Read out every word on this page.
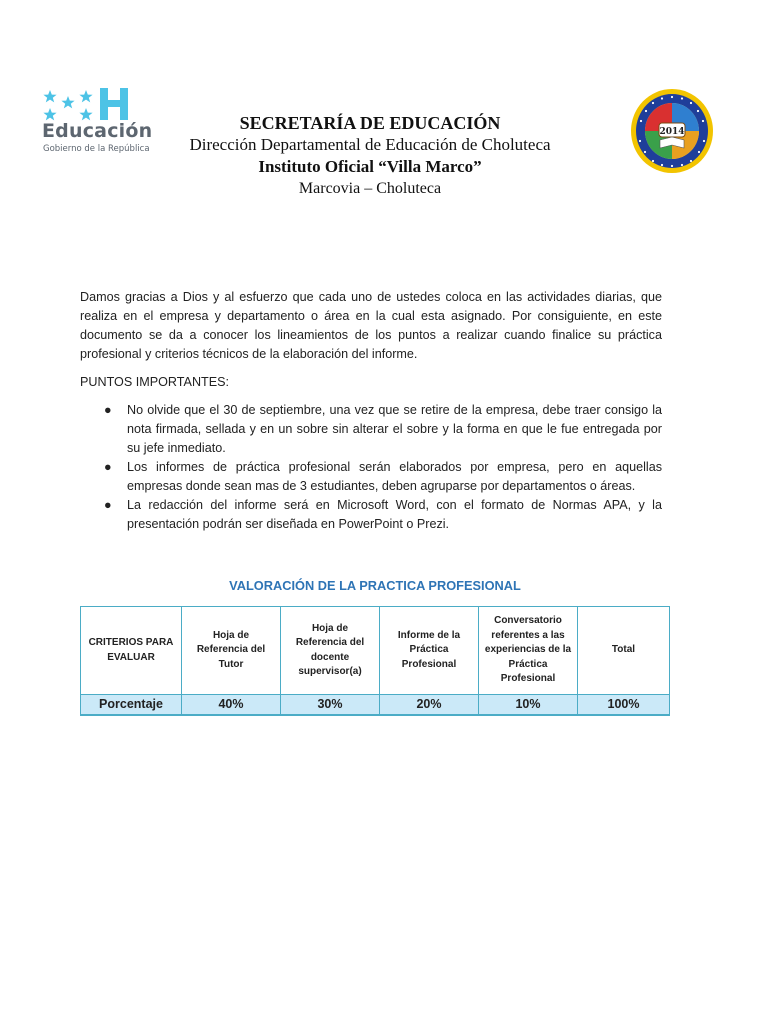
Educación
Gobierno de la República
SECRETARÍA DE EDUCACIÓN
Dirección Departamental de Educación de Choluteca
Instituto Oficial “Villa Marco”
Marcovia – Choluteca
2014

Damos gracias a Dios y al esfuerzo que cada uno de ustedes coloca en las actividades diarias, que realiza en el empresa y departamento o área en la cual esta asignado. Por consiguiente, en este documento se da a conocer los lineamientos de los puntos a realizar cuando finalice su práctica profesional y criterios técnicos de la elaboración del informe.

PUNTOS IMPORTANTES:

● No olvide que el 30 de septiembre, una vez que se retire de la empresa, debe traer consigo la nota firmada, sellada y en un sobre sin alterar el sobre y la forma en que le fue entregada por su jefe inmediato.
● Los informes de práctica profesional serán elaborados por empresa, pero en aquellas empresas donde sean mas de 3 estudiantes, deben agruparse por departamentos o áreas.
● La redacción del informe será en Microsoft Word, con el formato de Normas APA, y la presentación podrán ser diseñada en PowerPoint o Prezi.
VALORACIÓN DE LA PRACTICA PROFESIONAL
CRITERIOS PARA EVALUAR	Hoja de Referencia del Tutor	Hoja de Referencia del docente supervisor(a)	Informe de la Práctica Profesional	Conversatorio referentes a las experiencias de la Práctica Profesional	Total
Porcentaje	40%	30%	20%	10%	100%
